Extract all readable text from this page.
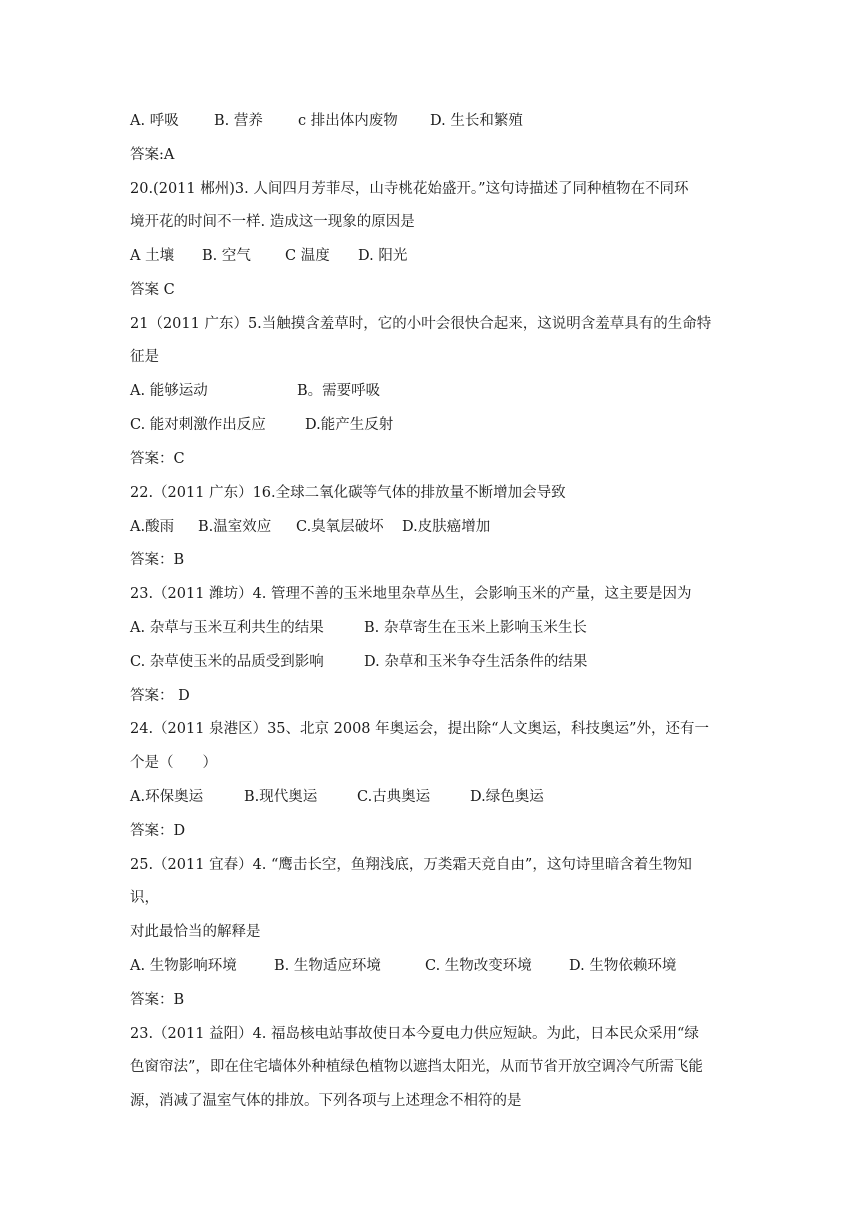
A. 呼吸 B. 营养 c 排出体内废物 D. 生长和繁殖
答案:A
20.(2011 郴州)3. 人间四月芳菲尽，山寺桃花始盛开。”这句诗描述了同种植物在不同环
境开花的时间不一样. 造成这一现象的原因是
A 土壤 B. 空气 C 温度 D. 阳光
答案 C
21（2011 广东）5.当触摸含羞草时，它的小叶会很快合起来，这说明含羞草具有的生命特
征是
A. 能够运动	B。需要呼吸
C. 能对刺激作出反应	D.能产生反射
答案：C
22.（2011 广东）16.全球二氧化碳等气体的排放量不断增加会导致
A.酸雨 B.温室效应 C.臭氧层破坏 D.皮肤癌增加
答案：B
23.（2011 潍坊）4. 管理不善的玉米地里杂草丛生，会影响玉米的产量，这主要是因为
A. 杂草与玉米互利共生的结果	B. 杂草寄生在玉米上影响玉米生长
C. 杂草使玉米的品质受到影响	D. 杂草和玉米争夺生活条件的结果
答案： D
24.（2011 泉港区）35、北京 2008 年奥运会，提出除“人文奥运，科技奥运”外，还有一
个是（　　）
A.环保奥运	B.现代奥运	C.古典奥运	D.绿色奥运
答案：D
25.（2011 宜春）4. “鹰击长空，鱼翔浅底，万类霜天竞自由”，这句诗里暗含着生物知
识，
对此最恰当的解释是
A. 生物影响环境	B. 生物适应环境	C. 生物改变环境	D. 生物依赖环境
答案：B
23.（2011 益阳）4. 福岛核电站事故使日本今夏电力供应短缺。为此，日本民众采用“绿
色窗帘法”，即在住宅墙体外种植绿色植物以遮挡太阳光，从而节省开放空调冷气所需飞能
源，消减了温室气体的排放。下列各项与上述理念不相符的是
